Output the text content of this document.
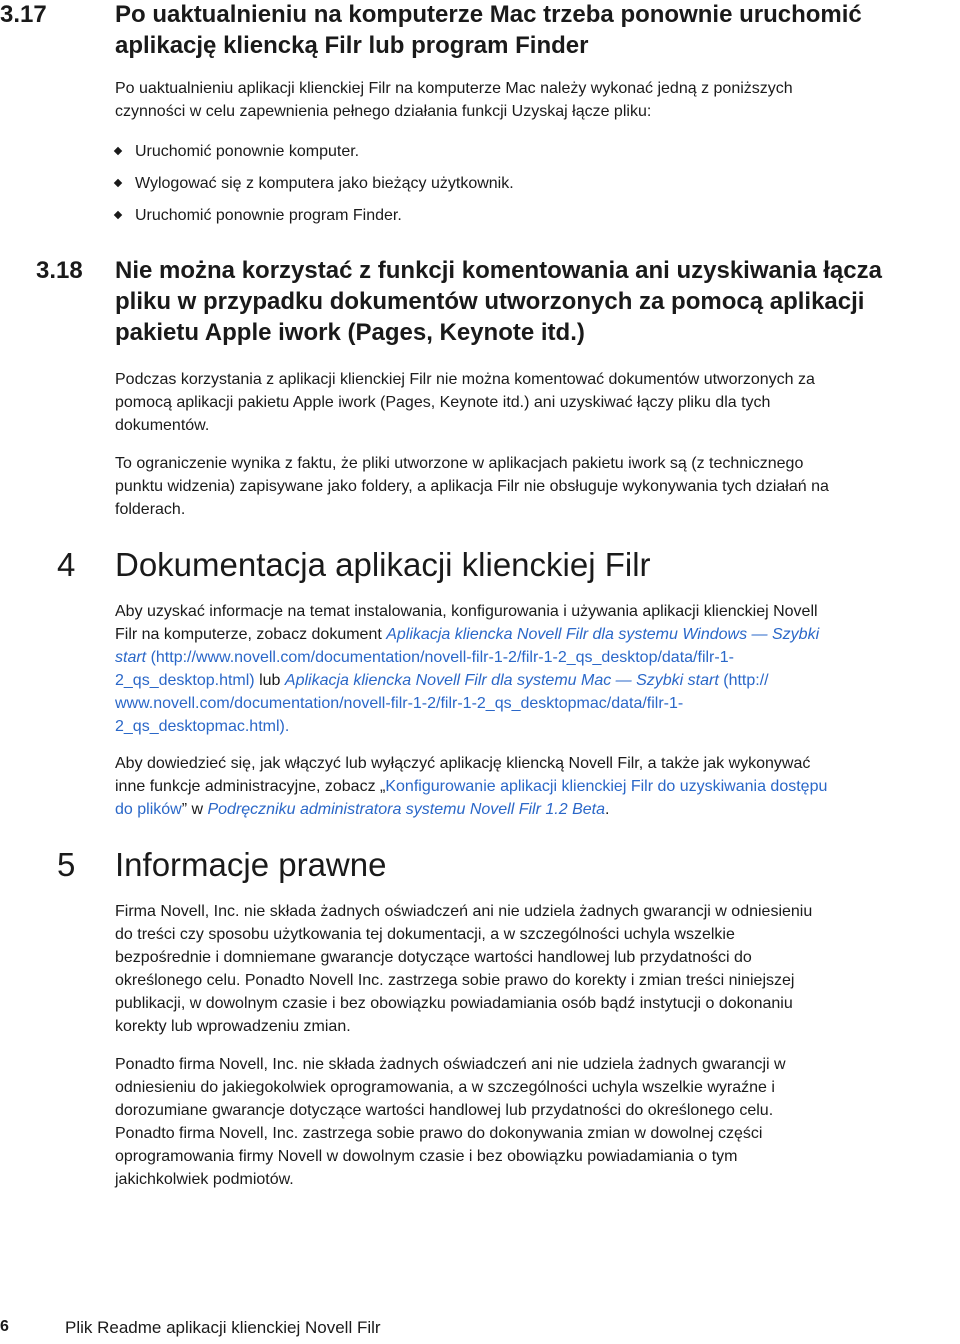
3.17	Po uaktualnieniu na komputerze Mac trzeba ponownie uruchomić
aplikację kliencką Filr lub program Finder

Po uaktualnieniu aplikacji klienckiej Filr na komputerze Mac należy wykonać jedną z poniższych

czynności w celu zapewnienia pełnego działania funkcji Uzyskaj łącze pliku:

Uruchomić ponownie komputer.
Wylogować się z komputera jako bieżący użytkownik.
Uruchomić ponownie program Finder.
3.18 Nie można korzystać z funkcji komentowania ani uzyskiwania łącza
pliku w przypadku dokumentów utworzonych za pomocą aplikacji
pakietu Apple iwork (Pages, Keynote itd.)

Podczas korzystania z aplikacji klienckiej Filr nie można komentować dokumentów utworzonych za

pomocą aplikacji pakietu Apple iwork (Pages, Keynote itd.) ani uzyskiwać łączy pliku dla tych

dokumentów.

To ograniczenie wynika z faktu, że pliki utworzone w aplikacjach pakietu iwork są (z technicznego

punktu widzenia) zapisywane jako foldery, a aplikacja Filr nie obsługuje wykonywania tych działań na

folderach.

4 Dokumentacja aplikacji klienckiej Filr

Aby uzyskać informacje na temat instalowania, konfigurowania i używania aplikacji klienckiej Novell

Filr na komputerze, zobacz dokument Aplikacja kliencka Novell Filr dla systemu Windows — Szybki

start (http://www.novell.com/documentation/novell-filr-1-2/filr-1-2_qs_desktop/data/filr-1-

2_qs_desktop.html) lub Aplikacja kliencka Novell Filr dla systemu Mac — Szybki start (http://

www.novell.com/documentation/novell-filr-1-2/filr-1-2_qs_desktopmac/data/filr-1-

2_qs_desktopmac.html).

Aby dowiedzieć się, jak włączyć lub wyłączyć aplikację kliencką Novell Filr, a także jak wykonywać

inne funkcje administracyjne, zobacz „Konfigurowanie aplikacji klienckiej Filr do uzyskiwania dostępu

do plików” w Podręczniku administratora systemu Novell Filr 1.2 Beta.

5 Informacje prawne

Firma Novell, Inc. nie składa żadnych oświadczeń ani nie udziela żadnych gwarancji w odniesieniu

do treści czy sposobu użytkowania tej dokumentacji, a w szczególności uchyla wszelkie

bezpośrednie i domniemane gwarancje dotyczące wartości handlowej lub przydatności do

określonego celu. Ponadto Novell Inc. zastrzega sobie prawo do korekty i zmian treści niniejszej

publikacji, w dowolnym czasie i bez obowiązku powiadamiania osób bądź instytucji o dokonaniu

korekty lub wprowadzeniu zmian.

Ponadto firma Novell, Inc. nie składa żadnych oświadczeń ani nie udziela żadnych gwarancji w

odniesieniu do jakiegokolwiek oprogramowania, a w szczególności uchyla wszelkie wyraźne i

dorozumiane gwarancje dotyczące wartości handlowej lub przydatności do określonego celu.

Ponadto firma Novell, Inc. zastrzega sobie prawo do dokonywania zmian w dowolnej części

oprogramowania firmy Novell w dowolnym czasie i bez obowiązku powiadamiania o tym

jakichkolwiek podmiotów.

6	Plik Readme aplikacji klienckiej Novell Filr
